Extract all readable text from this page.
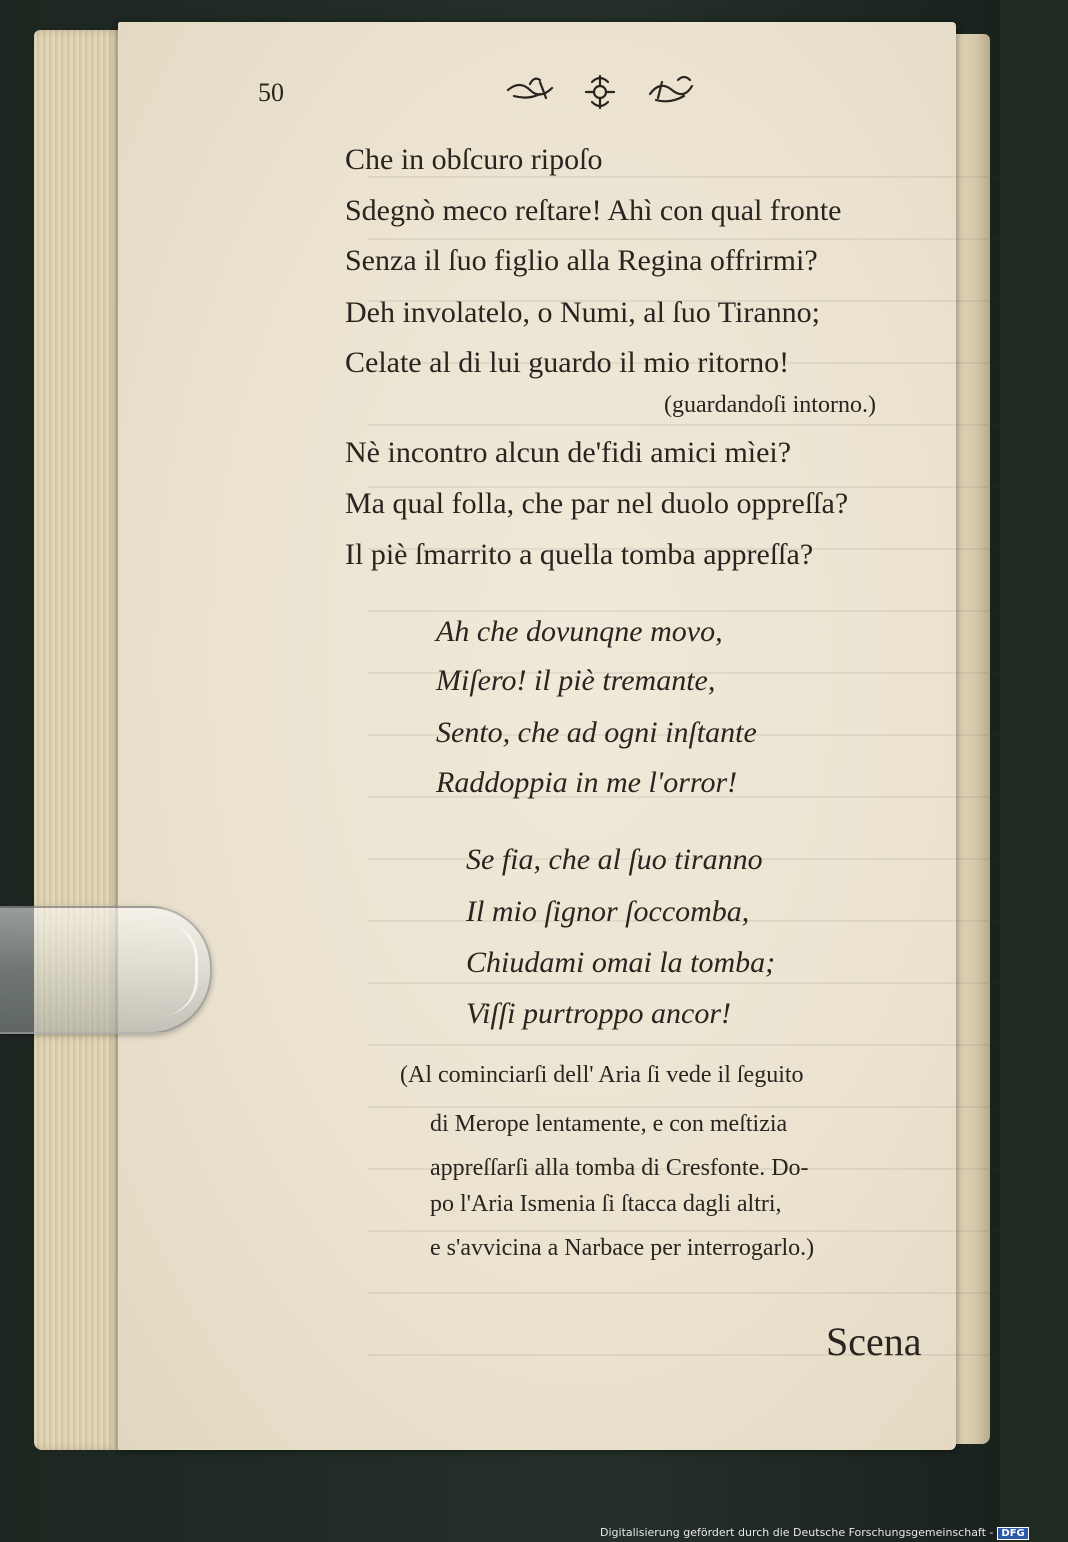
50
Che in obſcuro ripoſo
Sdegnò meco reſtare! Ahì con qual fronte
Senza il ſuo figlio alla Regina offrirmi?
Deh involatelo, o Numi, al ſuo Tiranno;
Celate al di lui guardo il mio ritorno!
(guardandoſi intorno.)
Nè incontro alcun de'fidi amici mìei?
Ma qual folla, che par nel duolo oppreſſa?
Il piè ſmarrito a quella tomba appreſſa?
Ah che dovunqne movo,
Miſero! il piè tremante,
Sento, che ad ogni inſtante
Raddoppia in me l'orror!
Se fia, che al ſuo tiranno
Il mio ſignor ſoccomba,
Chiudami omai la tomba;
Viſſi purtroppo ancor!
(Al cominciarſi dell' Aria ſi vede il ſeguito
di Merope lentamente, e con meſtizia
appreſſarſi alla tomba di Cresfonte. Do-
po l'Aria Ismenia ſi ſtacca dagli altri,
e s'avvicina a Narbace per interrogarlo.)
Scena
Digitalisierung gefördert durch die Deutsche Forschungsgemeinschaft - DFG
